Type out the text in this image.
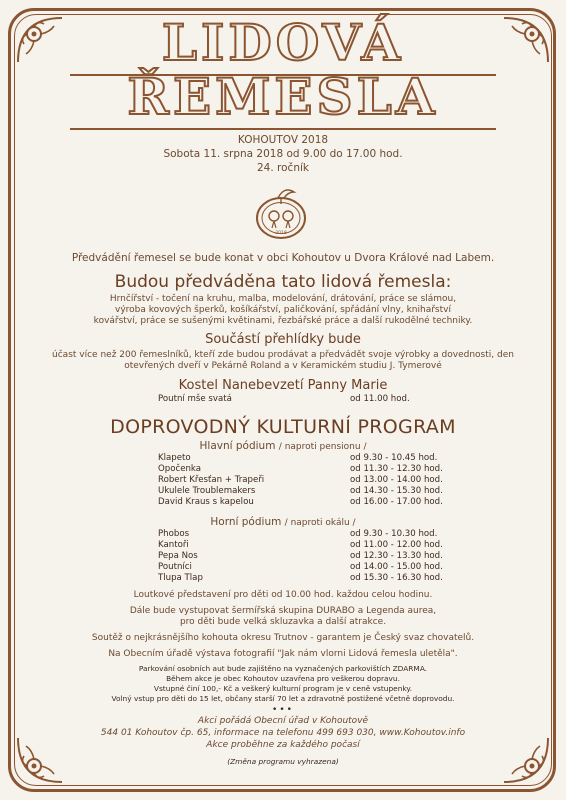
LIDOVÁ
ŘEMESLA
KOHOUTOV 2018
Sobota 11. srpna 2018 od 9.00 do 17.00 hod.
24. ročník
2018
Předvádění řemesel se bude konat v obci Kohoutov u Dvora Králové nad Labem.
Budou předváděna tato lidová řemesla:
Hrnčířství - točení na kruhu, malba, modelování, drátování, práce se slámou,
výroba kovových šperků, košíkářství, paličkování, spřádání vlny, knihařství
kovářství, práce se sušenými květinami, řezbářské práce a další rukodělné techniky.
Součástí přehlídky bude
účast více než 200 řemeslníků, kteří zde budou prodávat a předvádět svoje výrobky a dovednosti, den
otevřených dveří v Pekárně Roland a v Keramickém studiu J. Tymerové
Kostel Nanebevzetí Panny Marie
Poutní mše svatá	od 11.00 hod.
DOPROVODNÝ KULTURNÍ PROGRAM
Hlavní pódium / naproti pensionu /
Klapeto	od 9.30 - 10.45 hod.
Opočenka	od 11.30 - 12.30 hod.
Robert Křesťan + Trapeři	od 13.00 - 14.00 hod.
Ukulele Troublemakers	od 14.30 - 15.30 hod.
David Kraus s kapelou	od 16.00 - 17.00 hod.
Horní pódium / naproti okálu /
Phobos	od 9.30 - 10.30 hod.
Kantoři	od 11.00 - 12.00 hod.
Pepa Nos	od 12.30 - 13.30 hod.
Poutníci	od 14.00 - 15.00 hod.
Tlupa Tlap	od 15.30 - 16.30 hod.
Loutkové představení pro děti od 10.00 hod. každou celou hodinu.
Dále bude vystupovat šermířská skupina DURABO a Legenda aurea,
pro děti bude velká skluzavka a další atrakce.
Soutěž o nejkrásnějšího kohouta okresu Trutnov - garantem je Český svaz chovatelů.
Na Obecním úřadě výstava fotografií "Jak nám vlorni Lidová řemesla uletěla".
Parkování osobních aut bude zajištěno na vyznačených parkovištích ZDARMA.
Během akce je obec Kohoutov uzavřena pro veškerou dopravu.
Vstupné činí 100,- Kč a veškerý kulturní program je v ceně vstupenky.
Volný vstup pro děti do 15 let, občany starší 70 let a zdravotně postižené včetně doprovodu.
•••
Akci pořádá Obecní úřad v Kohoutově
544 01 Kohoutov čp. 65, informace na telefonu 499 693 030, www.Kohoutov.info
Akce proběhne za každého počasí
(Změna programu vyhrazena)
